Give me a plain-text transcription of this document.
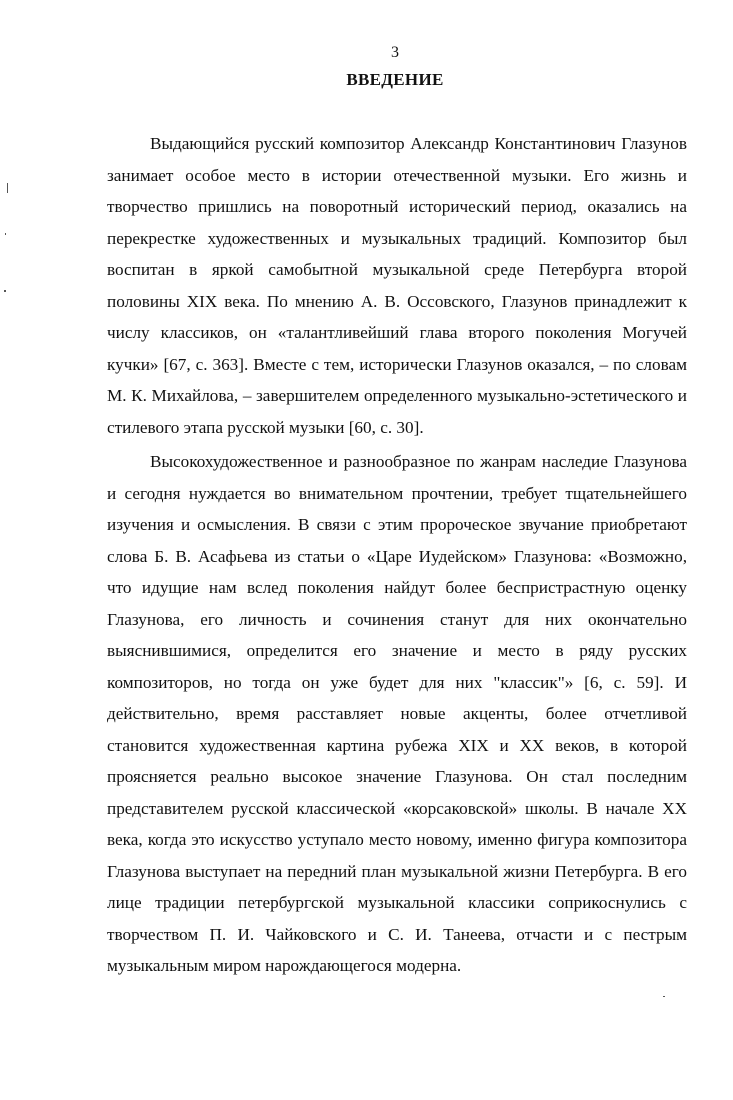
3
ВВЕДЕНИЕ

Выдающийся русский композитор Александр Константинович Глазунов занимает особое место в истории отечественной музыки. Его жизнь и творчество пришлись на поворотный исторический период, оказались на перекрестке художественных и музыкальных традиций. Композитор был воспитан в яркой самобытной музыкальной среде Петербурга второй половины XIX века. По мнению А. В. Оссовского, Глазунов принадлежит к числу классиков, он «талантливейший глава второго поколения Могучей кучки» [67, с. 363]. Вместе с тем, исторически Глазунов оказался, – по словам М. К. Михайлова, – завершителем определенного музыкально-эстетического и стилевого этапа русской музыки [60, с. 30].

Высокохудожественное и разнообразное по жанрам наследие Глазунова и сегодня нуждается во внимательном прочтении, требует тщательнейшего изучения и осмысления. В связи с этим пророческое звучание приобретают слова Б. В. Асафьева из статьи о «Царе Иудейском» Глазунова: «Возможно, что идущие нам вслед поколения найдут более беспристрастную оценку Глазунова, его личность и сочинения станут для них окончательно выяснившимися, определится его значение и место в ряду русских композиторов, но тогда он уже будет для них "классик"» [6, с. 59]. И действительно, время расставляет новые акценты, более отчетливой становится художественная картина рубежа XIX и XX веков, в которой проясняется реально высокое значение Глазунова. Он стал последним представителем русской классической «корсаковской» школы. В начале XX века, когда это искусство уступало место новому, именно фигура композитора Глазунова выступает на передний план музыкальной жизни Петербурга. В его лице традиции петербургской музыкальной классики соприкоснулись с творчеством П. И. Чайковского и С. И. Танеева, отчасти и с пестрым музыкальным миром нарождающегося модерна.
